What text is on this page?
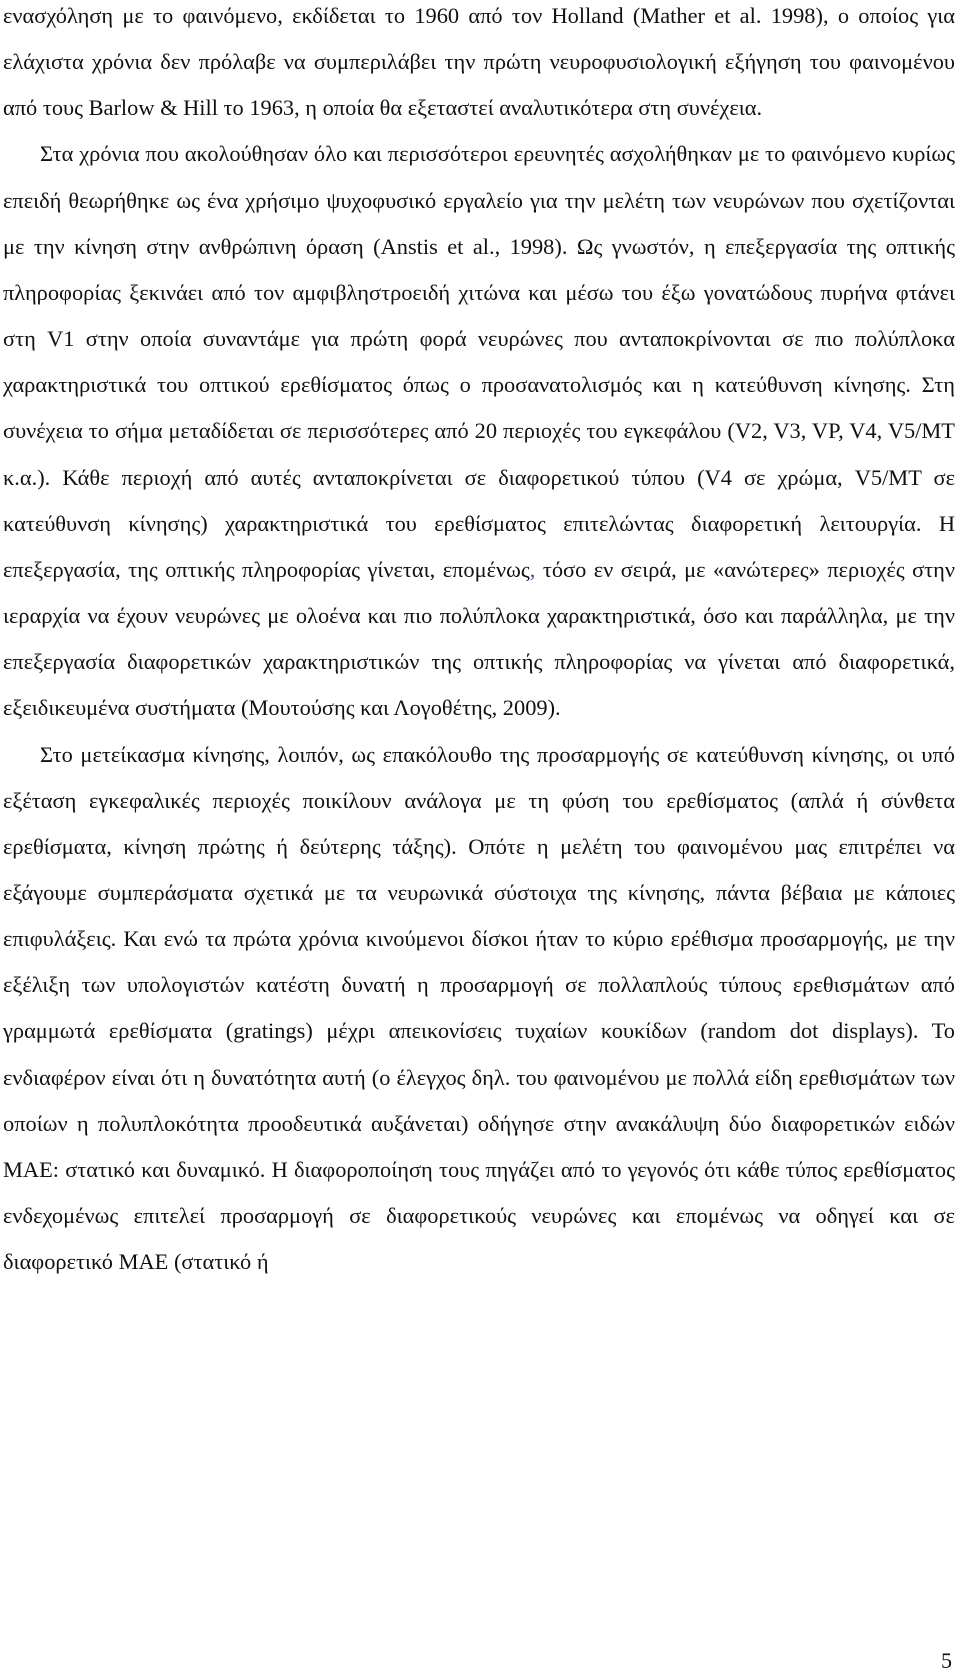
ενασχόληση με το φαινόμενο, εκδίδεται το 1960 από τον Holland (Mather et al. 1998), ο οποίος για ελάχιστα χρόνια δεν πρόλαβε να συμπεριλάβει την πρώτη νευροφυσιολογική εξήγηση του φαινομένου από τους Barlow & Hill το 1963, η οποία θα εξεταστεί αναλυτικότερα στη συνέχεια.

Στα χρόνια που ακολούθησαν όλο και περισσότεροι ερευνητές ασχολήθηκαν με το φαινόμενο κυρίως επειδή θεωρήθηκε ως ένα χρήσιμο ψυχοφυσικό εργαλείο για την μελέτη των νευρώνων που σχετίζονται με την κίνηση στην ανθρώπινη όραση (Anstis et al., 1998). Ως γνωστόν, η επεξεργασία της οπτικής πληροφορίας ξεκινάει από τον αμφιβληστροειδή χιτώνα και μέσω του έξω γονατώδους πυρήνα φτάνει στη V1 στην οποία συναντάμε για πρώτη φορά νευρώνες που ανταποκρίνονται σε πιο πολύπλοκα χαρακτηριστικά του οπτικού ερεθίσματος όπως ο προσανατολισμός και η κατεύθυνση κίνησης. Στη συνέχεια το σήμα μεταδίδεται σε περισσότερες από 20 περιοχές του εγκεφάλου (V2, V3, VP, V4, V5/MT κ.α.). Κάθε περιοχή από αυτές ανταποκρίνεται σε διαφορετικού τύπου (V4 σε χρώμα, V5/MT σε κατεύθυνση κίνησης) χαρακτηριστικά του ερεθίσματος επιτελώντας διαφορετική λειτουργία. Η επεξεργασία, της οπτικής πληροφορίας γίνεται, επομένως, τόσο εν σειρά, με «ανώτερες» περιοχές στην ιεραρχία να έχουν νευρώνες με ολοένα και πιο πολύπλοκα χαρακτηριστικά, όσο και παράλληλα, με την επεξεργασία διαφορετικών χαρακτηριστικών της οπτικής πληροφορίας να γίνεται από διαφορετικά, εξειδικευμένα συστήματα (Μουτούσης και Λογοθέτης, 2009).

Στο μετείκασμα κίνησης, λοιπόν, ως επακόλουθο της προσαρμογής σε κατεύθυνση κίνησης, οι υπό εξέταση εγκεφαλικές περιοχές ποικίλουν ανάλογα με τη φύση του ερεθίσματος (απλά ή σύνθετα ερεθίσματα, κίνηση πρώτης ή δεύτερης τάξης). Οπότε η μελέτη του φαινομένου μας επιτρέπει να εξάγουμε συμπεράσματα σχετικά με τα νευρωνικά σύστοιχα της κίνησης, πάντα βέβαια με κάποιες επιφυλάξεις. Και ενώ τα πρώτα χρόνια κινούμενοι δίσκοι ήταν το κύριο ερέθισμα προσαρμογής, με την εξέλιξη των υπολογιστών κατέστη δυνατή η προσαρμογή σε πολλαπλούς τύπους ερεθισμάτων από γραμμωτά ερεθίσματα (gratings) μέχρι απεικονίσεις τυχαίων κουκίδων (random dot displays). Το ενδιαφέρον είναι ότι η δυνατότητα αυτή (ο έλεγχος δηλ. του φαινομένου με πολλά είδη ερεθισμάτων των οποίων η πολυπλοκότητα προοδευτικά αυξάνεται) οδήγησε στην ανακάλυψη δύο διαφορετικών ειδών ΜΑΕ: στατικό και δυναμικό. Η διαφοροποίηση τους πηγάζει από το γεγονός ότι κάθε τύπος ερεθίσματος ενδεχομένως επιτελεί προσαρμογή σε διαφορετικούς νευρώνες και επομένως να οδηγεί και σε διαφορετικό ΜΑΕ (στατικό ή

5
